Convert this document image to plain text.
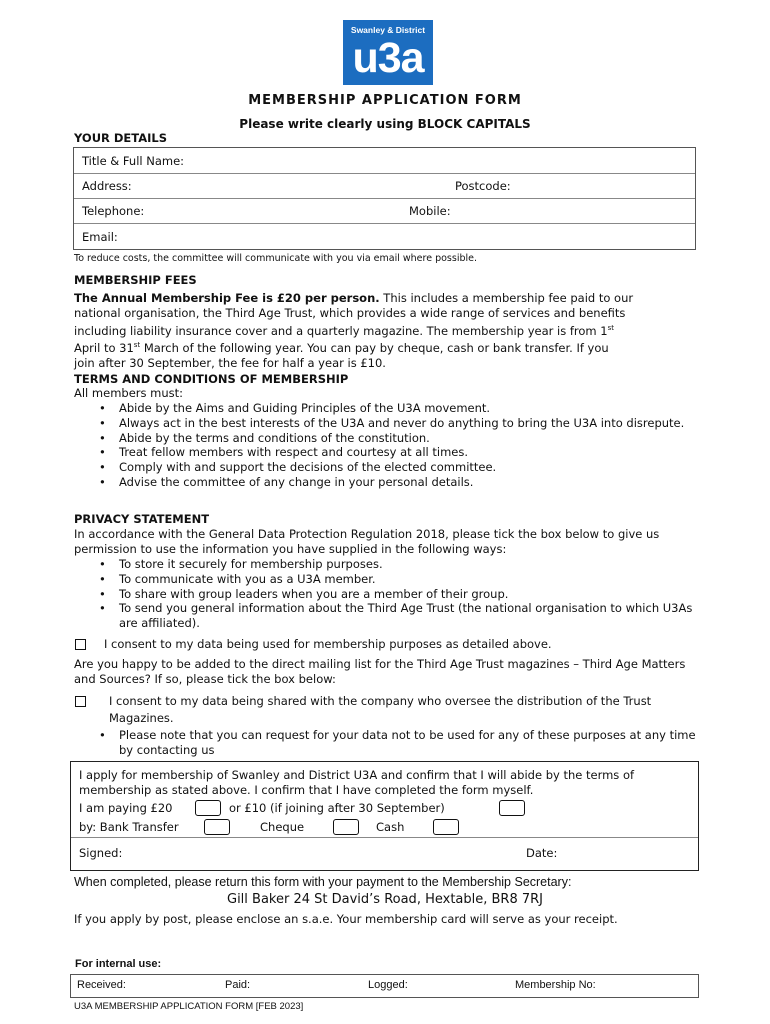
Swanley & District
u3a
MEMBERSHIP APPLICATION FORM
Please write clearly using BLOCK CAPITALS
YOUR DETAILS
Title & Full Name:
Address:	Postcode:
Telephone:	Mobile:
Email:
To reduce costs, the committee will communicate with you via email where possible.
MEMBERSHIP FEES
The Annual Membership Fee is £20 per person. This includes a membership fee paid to our
national organisation, the Third Age Trust, which provides a wide range of services and benefits
including liability insurance cover and a quarterly magazine. The membership year is from 1st
April to 31st March of the following year. You can pay by cheque, cash or bank transfer. If you
join after 30 September, the fee for half a year is £10.
TERMS AND CONDITIONS OF MEMBERSHIP
All members must:
• Abide by the Aims and Guiding Principles of the U3A movement.
• Always act in the best interests of the U3A and never do anything to bring the U3A into disrepute.
• Abide by the terms and conditions of the constitution.
• Treat fellow members with respect and courtesy at all times.
• Comply with and support the decisions of the elected committee.
• Advise the committee of any change in your personal details.
PRIVACY STATEMENT
In accordance with the General Data Protection Regulation 2018, please tick the box below to give us permission to use the information you have supplied in the following ways:
• To store it securely for membership purposes.
• To communicate with you as a U3A member.
• To share with group leaders when you are a member of their group.
• To send you general information about the Third Age Trust (the national organisation to which U3As are affiliated).
I consent to my data being used for membership purposes as detailed above.
Are you happy to be added to the direct mailing list for the Third Age Trust magazines – Third Age Matters and Sources? If so, please tick the box below:
I consent to my data being shared with the company who oversee the distribution of the Trust Magazines.
• Please note that you can request for your data not to be used for any of these purposes at any time by contacting us
I apply for membership of Swanley and District U3A and confirm that I will abide by the terms of membership as stated above. I confirm that I have completed the form myself.
I am paying £20	or £10 (if joining after 30 September)
by: Bank Transfer	Cheque	Cash
Signed:	Date:
When completed, please return this form with your payment to the Membership Secretary:
Gill Baker 24 St David’s Road, Hextable, BR8 7RJ
If you apply by post, please enclose an s.a.e. Your membership card will serve as your receipt.
For internal use:
Received:	Paid:	Logged:	Membership No:
U3A MEMBERSHIP APPLICATION FORM [FEB 2023]
